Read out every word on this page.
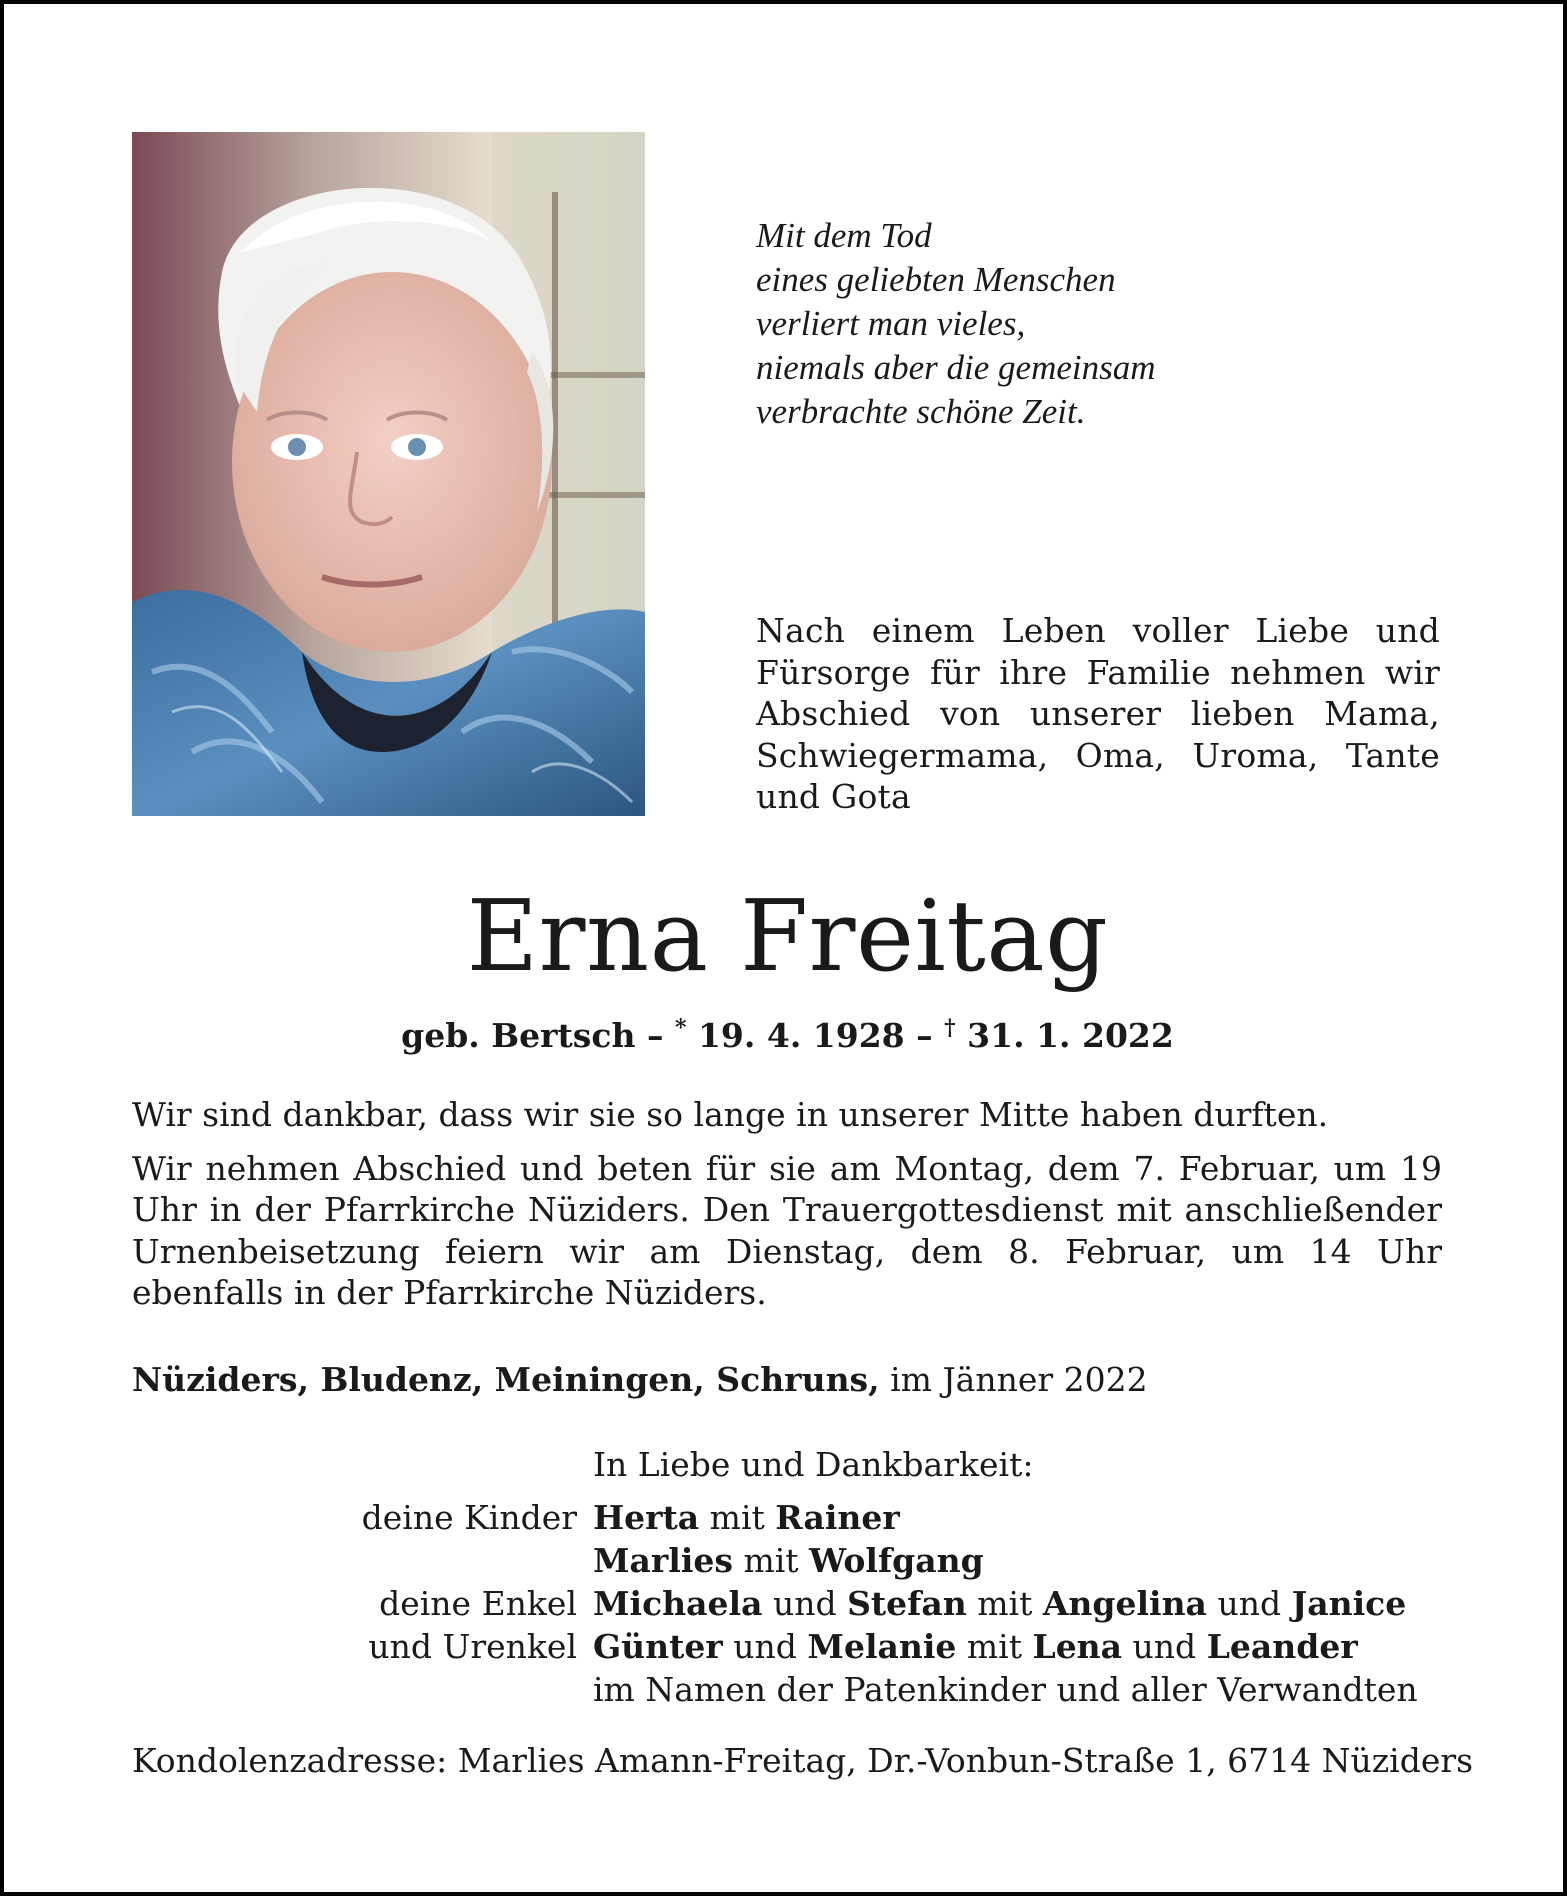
Mit dem Tod
eines geliebten Menschen
verliert man vieles,
niemals aber die gemeinsam
verbrachte schöne Zeit.
Nach einem Leben voller Liebe und Fürsorge für ihre Familie nehmen wir Abschied von unserer lieben Mama, Schwiegermama, Oma, Uroma, Tante und Gota
Erna Freitag
geb. Bertsch – * 19. 4. 1928 – † 31. 1. 2022

Wir sind dankbar, dass wir sie so lange in unserer Mitte haben durften.

Wir nehmen Abschied und beten für sie am Montag, dem 7. Februar, um 19 Uhr in der Pfarrkirche Nüziders. Den Trauergottesdienst mit anschließender Urnenbeisetzung feiern wir am Dienstag, dem 8. Februar, um 14 Uhr ebenfalls in der Pfarrkirche Nüziders.

Nüziders, Bludenz, Meiningen, Schruns, im Jänner 2022
In Liebe und Dankbarkeit:
deine Kinder Herta mit Rainer
Marlies mit Wolfgang
deine Enkel Michaela und Stefan mit Angelina und Janice
und Urenkel Günter und Melanie mit Lena und Leander
im Namen der Patenkinder und aller Verwandten
Kondolenzadresse: Marlies Amann-Freitag, Dr.-Vonbun-Straße 1, 6714 Nüziders
